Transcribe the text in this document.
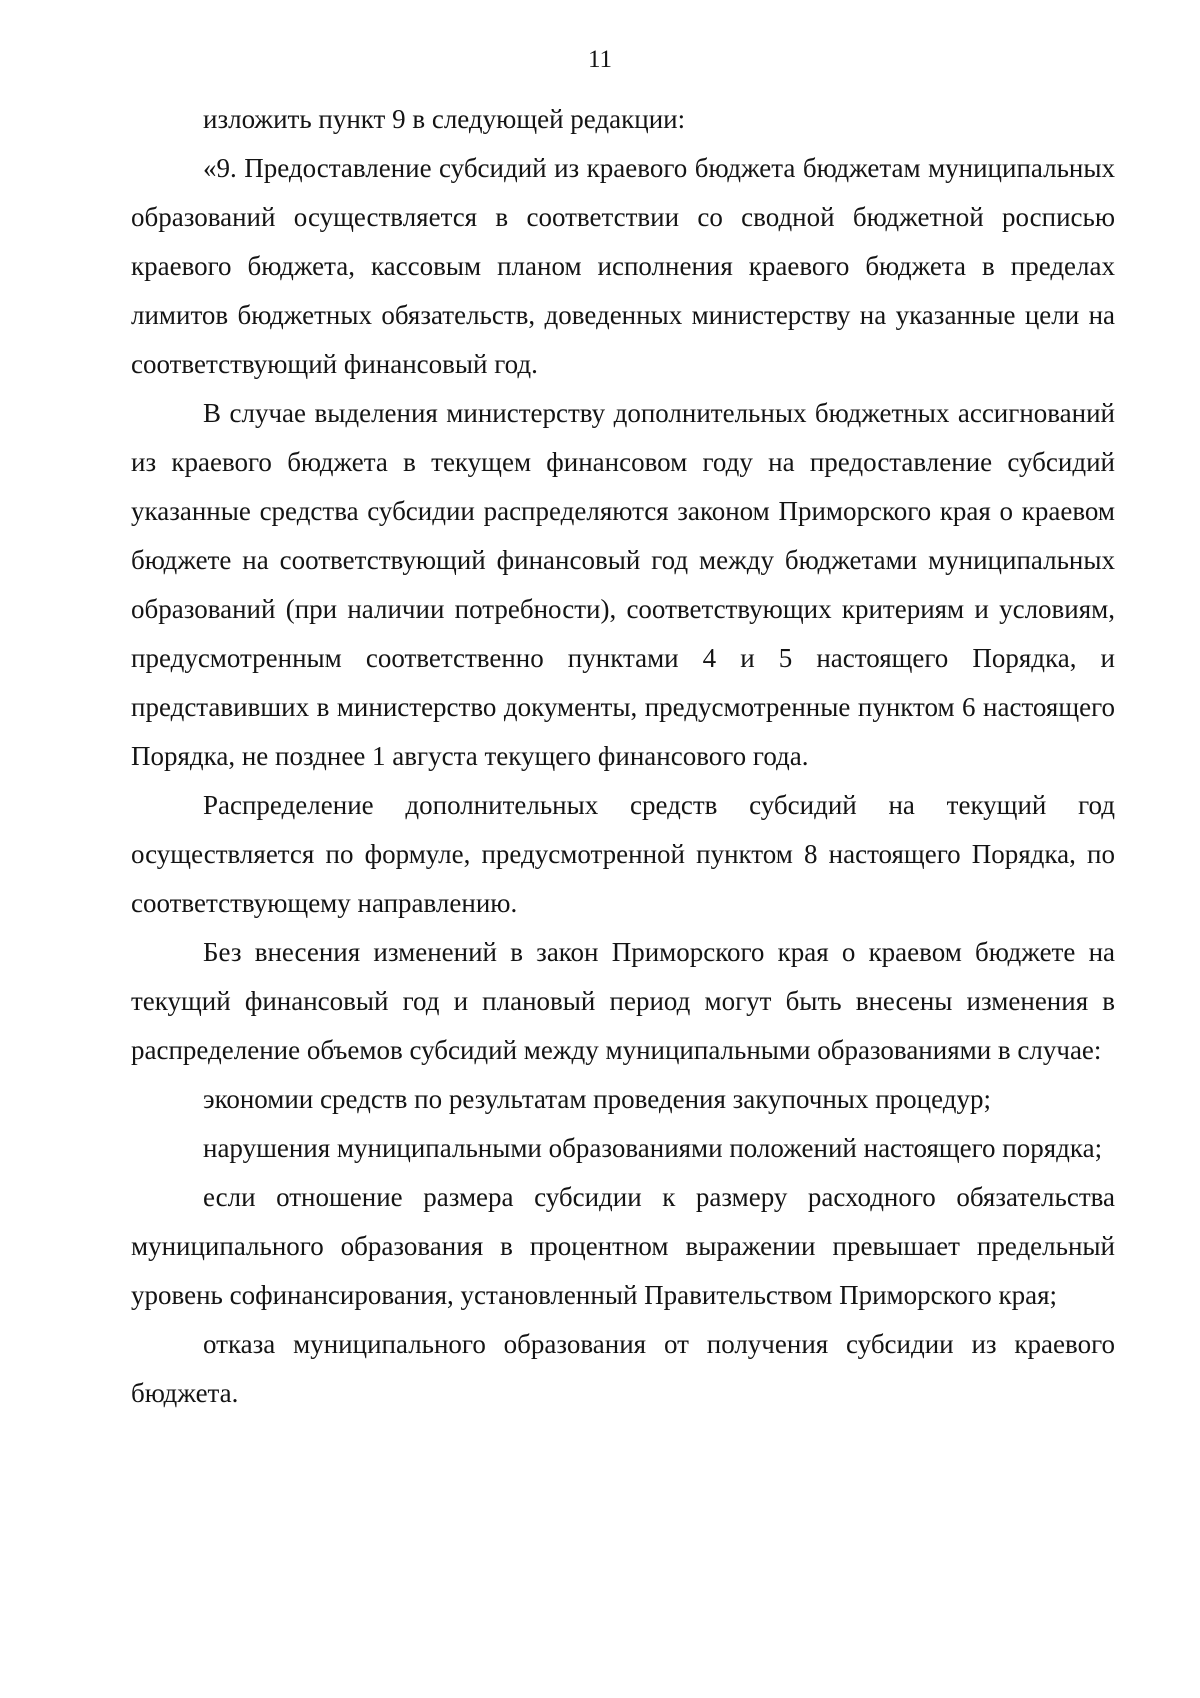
11

изложить пункт 9 в следующей редакции:

«9. Предоставление субсидий из краевого бюджета бюджетам муниципальных образований осуществляется в соответствии со сводной бюджетной росписью краевого бюджета, кассовым планом исполнения краевого бюджета в пределах лимитов бюджетных обязательств, доведенных министерству на указанные цели на соответствующий финансовый год.

В случае выделения министерству дополнительных бюджетных ассигнований из краевого бюджета в текущем финансовом году на предоставление субсидий указанные средства субсидии распределяются законом Приморского края о краевом бюджете на соответствующий финансовый год между бюджетами муниципальных образований (при наличии потребности), соответствующих критериям и условиям, предусмотренным соответственно пунктами 4 и 5 настоящего Порядка, и представивших в министерство документы, предусмотренные пунктом 6 настоящего Порядка, не позднее 1 августа текущего финансового года.

Распределение дополнительных средств субсидий на текущий год осуществляется по формуле, предусмотренной пунктом 8 настоящего Порядка, по соответствующему направлению.

Без внесения изменений в закон Приморского края о краевом бюджете на текущий финансовый год и плановый период могут быть внесены изменения в распределение объемов субсидий между муниципальными образованиями в случае:

экономии средств по результатам проведения закупочных процедур;

нарушения муниципальными образованиями положений настоящего порядка;

если отношение размера субсидии к размеру расходного обязательства муниципального образования в процентном выражении превышает предельный уровень софинансирования, установленный Правительством Приморского края;

отказа муниципального образования от получения субсидии из краевого бюджета.
